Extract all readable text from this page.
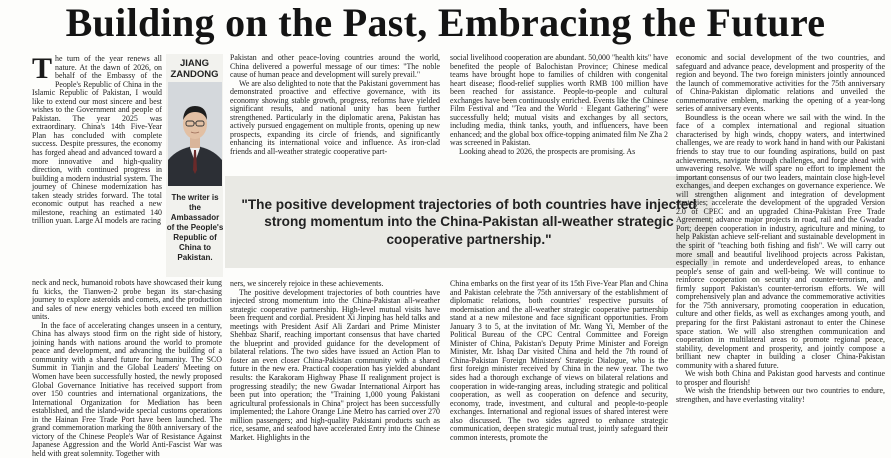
Building on the Past, Embracing the Future

The turn of the year renews all nature. At the dawn of 2026, on behalf of the Embassy of the People's Republic of China in the Islamic Republic of Pakistan, I would like to extend our most sincere and best wishes to the Government and people of Pakistan. The year 2025 was extraordinary. China's 14th Five-Year Plan has concluded with complete success. Despite pressures, the economy has forged ahead and advanced toward a more innovative and high-quality direction, with continued progress in building a modern industrial system. The journey of Chinese modernization has taken steady strides forward. The total economic output has reached a new milestone, reaching an estimated 140 trillion yuan. Large AI models are racing

neck and neck, humanoid robots have showcased their kung fu kicks, the Tianwen-2 probe began its star-chasing journey to explore asteroids and comets, and the production and sales of new energy vehicles both exceed ten million units.

In the face of accelerating changes unseen in a century, China has always stood firm on the right side of history, joining hands with nations around the world to promote peace and development, and advancing the building of a community with a shared future for humanity. The SCO Summit in Tianjin and the Global Leaders' Meeting on Women have been successfully hosted, the newly proposed Global Governance Initiative has received support from over 150 countries and international organizations, the International Organization for Mediation has been established, and the island-wide special customs operations in the Hainan Free Trade Port have been launched. The grand commemoration marking the 80th anniversary of the victory of the Chinese People's War of Resistance Against Japanese Aggression and the World Anti-Fascist War was held with great solemnity. Together with

JIANG
ZANDONG
The writer is the Ambassador of the People's Republic of China to Pakistan.

Pakistan and other peace-loving countries around the world, China delivered a powerful message of our times: "The noble cause of human peace and development will surely prevail."

We are also delighted to note that the Pakistani government has demonstrated proactive and effective governance, with its economy showing stable growth, progress, reforms have yielded significant results, and national unity has been further strengthened. Particularly in the diplomatic arena, Pakistan has actively pursued engagement on multiple fronts, opening up new prospects, expanding its circle of friends, and significantly enhancing its international voice and influence. As iron-clad friends and all-weather strategic cooperative part-

social livelihood cooperation are abundant. 50,000 "health kits" have benefited the people of Balochistan Province; Chinese medical teams have brought hope to families of children with congenital heart disease; flood-relief supplies worth RMB 100 million have been reached for assistance. People-to-people and cultural exchanges have been continuously enriched. Events like the Chinese Film Festival and "Tea and the World · Elegant Gathering" were successfully held; mutual visits and exchanges by all sectors, including media, think tanks, youth, and influencers, have been enhanced; and the global box office-topping animated film Ne Zha 2 was screened in Pakistan.

Looking ahead to 2026, the prospects are promising. As

"The positive development trajectories of both countries have injected strong momentum into the China-Pakistan all-weather strategic cooperative partnership."

ners, we sincerely rejoice in these achievements.

The positive development trajectories of both countries have injected strong momentum into the China-Pakistan all-weather strategic cooperative partnership. High-level mutual visits have been frequent and cordial. President Xi Jinping has held talks and meetings with President Asif Ali Zardari and Prime Minister Shehbaz Sharif, reaching important consensus that have charted the blueprint and provided guidance for the development of bilateral relations. The two sides have issued an Action Plan to foster an even closer China-Pakistan community with a shared future in the new era. Practical cooperation has yielded abundant results: the Karakoram Highway Phase II realignment project is progressing steadily; the new Gwadar International Airport has been put into operation; the "Training 1,000 young Pakistani agricultural professionals in China" project has been successfully implemented; the Lahore Orange Line Metro has carried over 270 million passengers; and high-quality Pakistani products such as rice, sesame, and seafood have accelerated Entry into the Chinese Market. Highlights in the

China embarks on the first year of its 15th Five-Year Plan and China and Pakistan celebrate the 75th anniversary of the establishment of diplomatic relations, both countries' respective pursuits of modernisation and the all-weather strategic cooperative partnership stand at a new milestone and face significant opportunities. From January 3 to 5, at the invitation of Mr. Wang Yi, Member of the Political Bureau of the CPC Central Committee and Foreign Minister of China, Pakistan's Deputy Prime Minister and Foreign Minister, Mr. Ishaq Dar visited China and held the 7th round of China-Pakistan Foreign Ministers' Strategic Dialogue, who is the first foreign minister received by China in the new year. The two sides had a thorough exchange of views on bilateral relations and cooperation in wide-ranging areas, including strategic and political cooperation, as well as cooperation on defence and security, economy, trade, investment, and cultural and people-to-people exchanges. International and regional issues of shared interest were also discussed. The two sides agreed to enhance strategic communication, deepen strategic mutual trust, jointly safeguard their common interests, promote the

economic and social development of the two countries, and safeguard and advance peace, development and prosperity of the region and beyond. The two foreign ministers jointly announced the launch of commemorative activities for the 75th anniversary of China-Pakistan diplomatic relations and unveiled the commemorative emblem, marking the opening of a year-long series of anniversary events.

Boundless is the ocean where we sail with the wind. In the face of a complex international and regional situation characterised by high winds, choppy waters, and intertwined challenges, we are ready to work hand in hand with our Pakistani friends to stay true to our founding aspirations, build on past achievements, navigate through challenges, and forge ahead with unwavering resolve. We will spare no effort to implement the important consensus of our two leaders, maintain close high-level exchanges, and deepen exchanges on governance experience. We will strengthen alignment and integration of development strategies; accelerate the development of the upgraded Version 2.0 of CPEC and an upgraded China-Pakistan Free Trade Agreement; advance major projects in road, rail and the Gwadar Port; deepen cooperation in industry, agriculture and mining, to help Pakistan achieve self-reliant and sustainable development in the spirit of "teaching both fishing and fish". We will carry out more small and beautiful livelihood projects across Pakistan, especially in remote and underdeveloped areas, to enhance people's sense of gain and well-being. We will continue to reinforce cooperation on security and counter-terrorism, and firmly support Pakistan's counter-terrorism efforts. We will comprehensively plan and advance the commemorative activities for the 75th anniversary, promoting cooperation in education, culture and other fields, as well as exchanges among youth, and preparing for the first Pakistani astronaut to enter the Chinese space station. We will also strengthen communication and cooperation in multilateral areas to promote regional peace, stability, development and prosperity, and jointly compose a brilliant new chapter in building a closer China-Pakistan community with a shared future.

We wish both China and Pakistan good harvests and continue to prosper and flourish!

We wish the friendship between our two countries to endure, strengthen, and have everlasting vitality!
